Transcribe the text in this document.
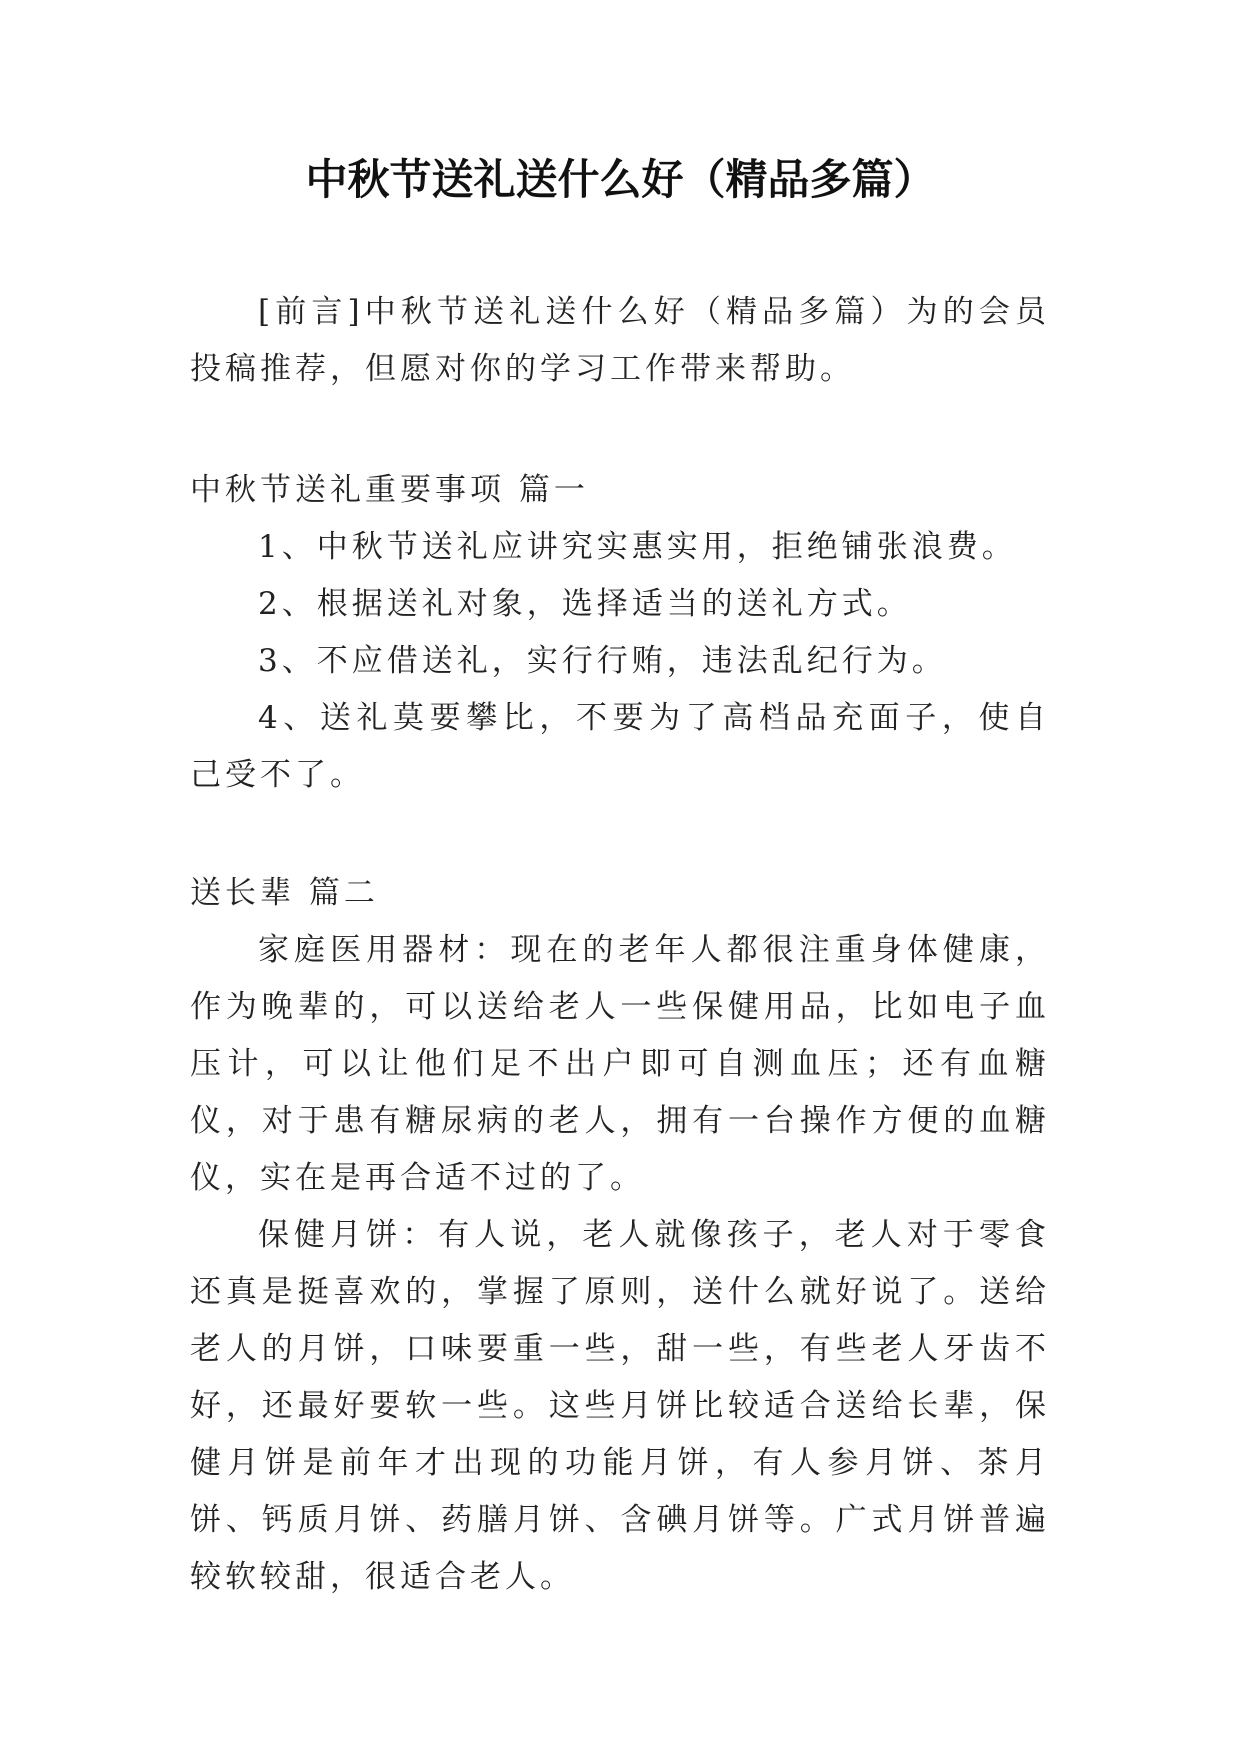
中秋节送礼送什么好（精品多篇）

[前言]中秋节送礼送什么好（精品多篇）为的会员投稿推荐，但愿对你的学习工作带来帮助。

中秋节送礼重要事项 篇一

1、中秋节送礼应讲究实惠实用，拒绝铺张浪费。

2、根据送礼对象，选择适当的送礼方式。

3、不应借送礼，实行行贿，违法乱纪行为。

4、送礼莫要攀比，不要为了高档品充面子，使自己受不了。

送长辈 篇二

家庭医用器材：现在的老年人都很注重身体健康，作为晚辈的，可以送给老人一些保健用品，比如电子血压计，可以让他们足不出户即可自测血压；还有血糖仪，对于患有糖尿病的老人，拥有一台操作方便的血糖仪，实在是再合适不过的了。

保健月饼：有人说，老人就像孩子，老人对于零食还真是挺喜欢的，掌握了原则，送什么就好说了。送给老人的月饼，口味要重一些，甜一些，有些老人牙齿不好，还最好要软一些。这些月饼比较适合送给长辈，保健月饼是前年才出现的功能月饼，有人参月饼、茶月饼、钙质月饼、药膳月饼、含碘月饼等。广式月饼普遍较软较甜，很适合老人。
